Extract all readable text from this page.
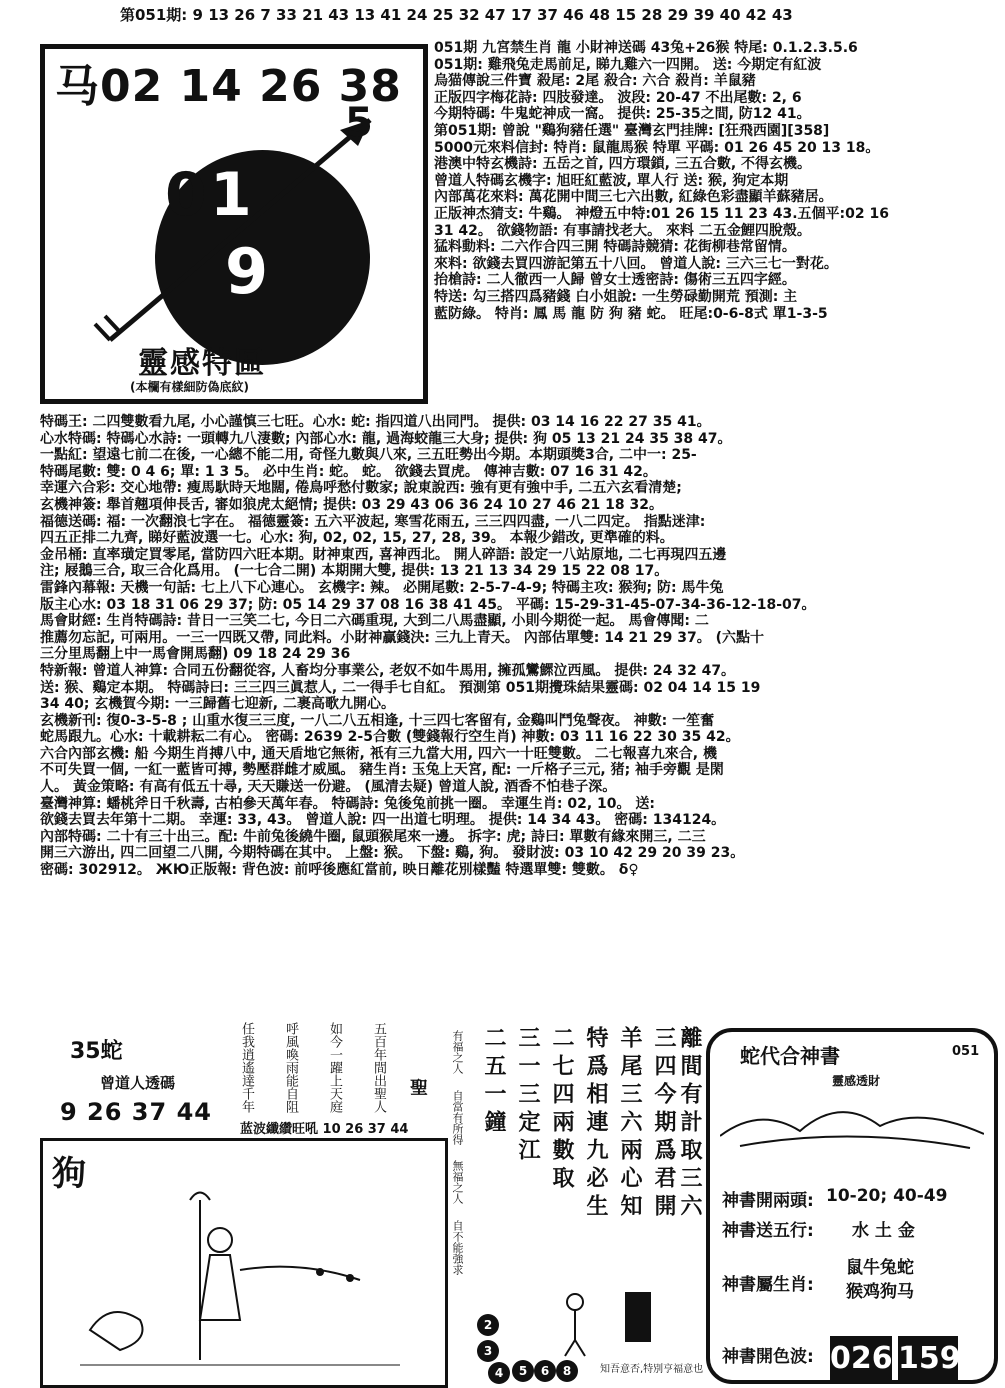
第051期: 9 13 26 7 33 21 43 13 41 24 25 32 47 17 37 46 48 15 28 29 39 40 42 43
马02 14 26 38
1
0
9
5
靈感特區
(本欄有樣細防偽底紋)
051期 九宮禁生肖 龍 小財神送碼 43兔+26猴 特尾: 0.1.2.3.5.6
051期: 雞飛兔走馬前足, 睇九雞六一四開。 送: 今期定有紅波
烏猫傳說三件寶 殺尾: 2尾 殺合: 六合 殺肖: 羊鼠豬
正版四字梅花詩: 四肢發達。 波段: 20-47 不出尾數: 2, 6
今期特碼: 牛鬼蛇神成一窩。 提供: 25-35之間, 防12 41。
第051期: 曾說 "鷄狗豬任選" 臺灣玄門挂牌: [狂飛西園][358]
5000元來料信封: 特肖: 鼠龍馬猴 特單 平碼: 01 26 45 20 13 18。
港澳中特玄機詩: 五岳之首, 四方環鎖, 三五合數, 不得玄機。
曾道人特碼玄機字: 旭旺紅藍波, 單人行 送: 猴, 狗定本期
內部萬花來料: 萬花開中間三七六出數, 紅綠色彩盡顯羊蘇豬居。
正版神杰猜支: 牛鷄。 神燈五中特:01 26 15 11 23 43.五個平:02 16
31 42。 欲錢物語: 有事請找老大。 來料 二五金鯉四脫殼。
猛料動料: 二六作合四三開 特碼詩競猜: 花街柳巷常留情。
來料: 欲錢去買四游記第五十八回。 曾道人說: 三六三七一對花。
抬槍詩: 二人徹西一人歸 曾女士透密詩: 傷術三五四字經。
特送: 勾三搭四爲豬錢 白小姐說: 一生勞碌勤開荒 預測: 主
藍防綠。 特肖: 鳳 馬 龍 防 狗 豬 蛇。 旺尾:0-6-8式 單1-3-5
特碼王: 二四雙數看九尾, 小心謹慎三七旺。心水: 蛇: 指四道八出同門。 提供: 03 14 16 22 27 35 41。
心水特碼: 特碼心水詩: 一頭轉九八淒數; 內部心水: 龍, 過海蛟龍三大身; 提供: 狗 05 13 21 24 35 38 47。
一點紅: 望遠七前二在後, 一心總不能二用, 奇怪九數與八來, 三五旺勢出今期。本期頭獎3合, 二中一: 25-
特碼尾數: 雙: 0 4 6; 單: 1 3 5。 必中生肖: 蛇。 蛇。 欲錢去買虎。 傳神吉數: 07 16 31 42。
幸運六合彩: 交心地帶: 瘦馬馱時天地闊, 倦鳥呼愁付數家; 說東說西: 強有更有強中手, 二五六玄看清楚;
玄機神簽: 舉首翹項伸長舌, 審如狼虎太絕情; 提供: 03 29 43 06 36 24 10 27 46 21 18 32。
福德送碼: 福: 一次翻浪七字在。 福德靈簽: 五六平波起, 寒雪花雨五, 三三四四盡, 一八二四定。 指點迷津:
四五正排二九齊, 睇好藍波選一七。心水: 狗, 02, 02, 15, 27, 28, 39。 本報少錯改, 更準確的料。
金吊桶: 直率璜定買零尾, 當防四六旺本期。財神東西, 喜神西北。 開人碎語: 設定一八站原地, 二七再現四五邊
注; 屐鵝三合, 取三合化爲用。 (一七合二開) 本期開大雙, 提供: 13 21 13 34 29 15 22 08 17。
雷鋒內幕報: 天機一句話: 七上八下心連心。 玄機字: 辣。 必開尾數: 2-5-7-4-9; 特碼主攻: 猴狗; 防: 馬牛兔
版主心水: 03 18 31 06 29 37; 防: 05 14 29 37 08 16 38 41 45。 平碼: 15-29-31-45-07-34-36-12-18-07。
馬會財經: 生肖特碼詩: 昔日一三笑二七, 今日二六碼重現, 大到二八馬盡顯, 小則今期從一起。 馬會傳聞: 二
推薦勿忘記, 可兩用。一三一四既又帶, 同此料。小財神贏錢決: 三九上青天。 內部估單雙: 14 21 29 37。 (六點十
三分里馬翻上中一馬會開馬翻) 09 18 24 29 36
特新報: 曾道人神算: 合同五份翻從容, 人畜均分事業公, 老奴不如牛馬用, 擁孤鸞鰥泣西風。 提供: 24 32 47。
送: 猴、鷄定本期。 特碼詩曰: 三三四三眞惹人, 二一得手七自紅。 預測第 051期攪珠結果靈碼: 02 04 14 15 19
34 40; 玄機賀今期: 一三歸舊七迎新, 二裹高歌九開心。
玄機新刊: 復0-3-5-8 ; 山重水復三三度, 一八二八五相逢, 十三四七客留有, 金鷄叫鬥兔聲夜。 神數: 一笙奮
蛇馬跟九。心水: 十載耕耘二有心。 密碼: 2639 2-5合數 (雙錢報行空生肖) 神數: 03 11 16 22 30 35 42。
六合內部玄機: 船 今期生肖搏八中, 通天盾地它無術, 衹有三九當大用, 四六一十旺雙數。 二七報喜九來合, 機
不可失買一個, 一紅一藍皆可搏, 勢壓群雌才威風。 豬生肖: 玉兔上天宮, 配: 一斤格子三元, 猪; 袖手旁觀 是閑
人。 黃金策略: 有高有低五十尋, 天天賺送一份避。 (風清去疑) 曾道人說, 酒香不怕巷子深。
臺灣神算: 蟠桃斧日千秋壽, 古柏參天萬年春。 特碼詩: 兔後兔前挑一圈。 幸運生肖: 02, 10。 送:
欲錢去買去年第十二期。 幸運: 33, 43。 曾道人說: 四一出道七明理。 提供: 14 34 43。 密碼: 134124。
內部特碼: 二十有三十出三。配: 牛前兔後繞牛圈, 鼠頭猴尾來一邊。 拆字: 虎; 詩曰: 單數有緣來開三, 二三
開三六游出, 四二回望二八開, 今期特碼在其中。 上盤: 猴。 下盤: 鷄, 狗。 發財波: 03 10 42 29 20 39 23。
密碼: 302912。 ЖЮ正版報: 背色波: 前呼後應紅當前, 映日離花別樣豔 特選單雙: 雙數。 δ♀
35蛇
曾道人透碼
9 26 37 44 任我逍遙達千年 呼風喚雨能自阻 如今一躍上天庭 五百年間出聖人 聖
蓝波纖纘旺吼 10 26 37 44
狗
有福之人
自當有所得
無福之人
自不能強求
二五一鐘 三一三定江 二七四兩數取 特爲相連九必生 羊尾三六兩心知 三四今期爲君開 離間有計取三六
2
3
4	5	6	8	知吾意否,特別亨福意也
蛇代合神書	051
靈感透財
神書開兩頭: 10-20; 40-49
神書送五行: 水 土 金
神書屬生肖:
鼠牛兔蛇 猴鸡狗马
神書開色波: 026 159
